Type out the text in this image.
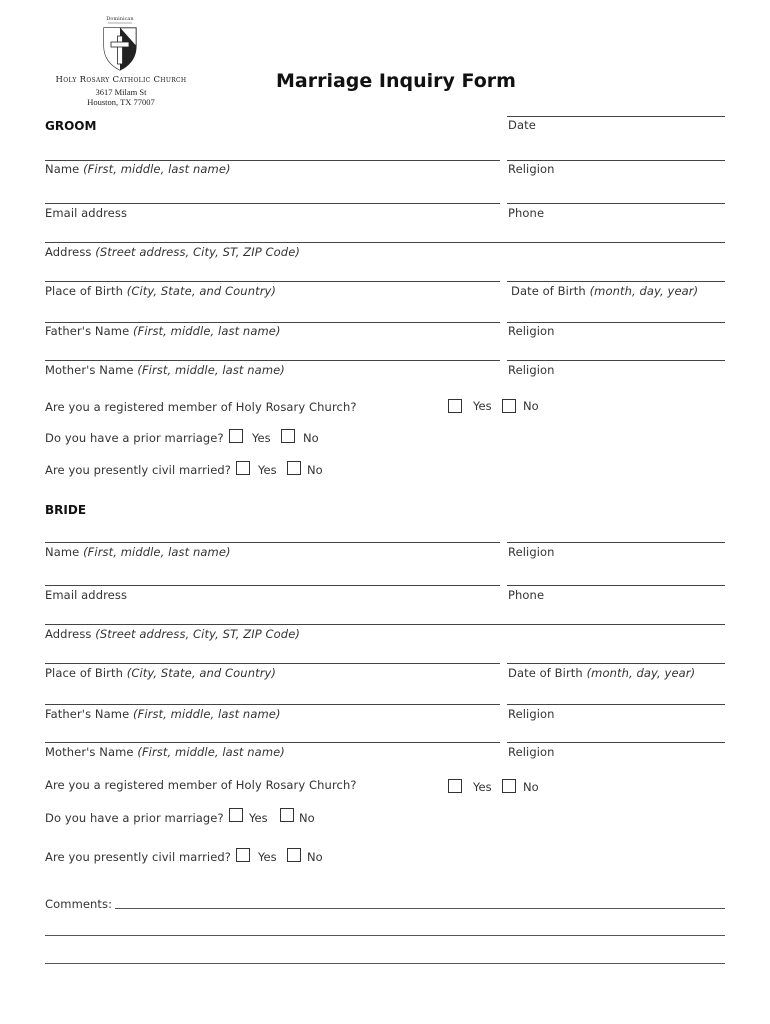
Dominican
Holy Rosary Catholic Church
3617 Milam St
Houston, TX 77007
Marriage Inquiry Form
GROOM	Date
Name (First, middle, last name)	Religion
Email address	Phone
Address (Street address, City, ST, ZIP Code)
Place of Birth (City, State, and Country)	Date of Birth (month, day, year)
Father's Name (First, middle, last name)	Religion
Mother's Name (First, middle, last name)	Religion
Are you a registered member of Holy Rosary Church?	Yes	No
Do you have a prior marriage? Yes	No
Are you presently civil married? Yes	No
BRIDE
Name (First, middle, last name)	Religion
Email address	Phone
Address (Street address, City, ST, ZIP Code)
Place of Birth (City, State, and Country)	Date of Birth (month, day, year)
Father's Name (First, middle, last name)	Religion
Mother's Name (First, middle, last name)	Religion
Are you a registered member of Holy Rosary Church?	Yes	No
Do you have a prior marriage? Yes	No
Are you presently civil married? Yes	No
Comments:
